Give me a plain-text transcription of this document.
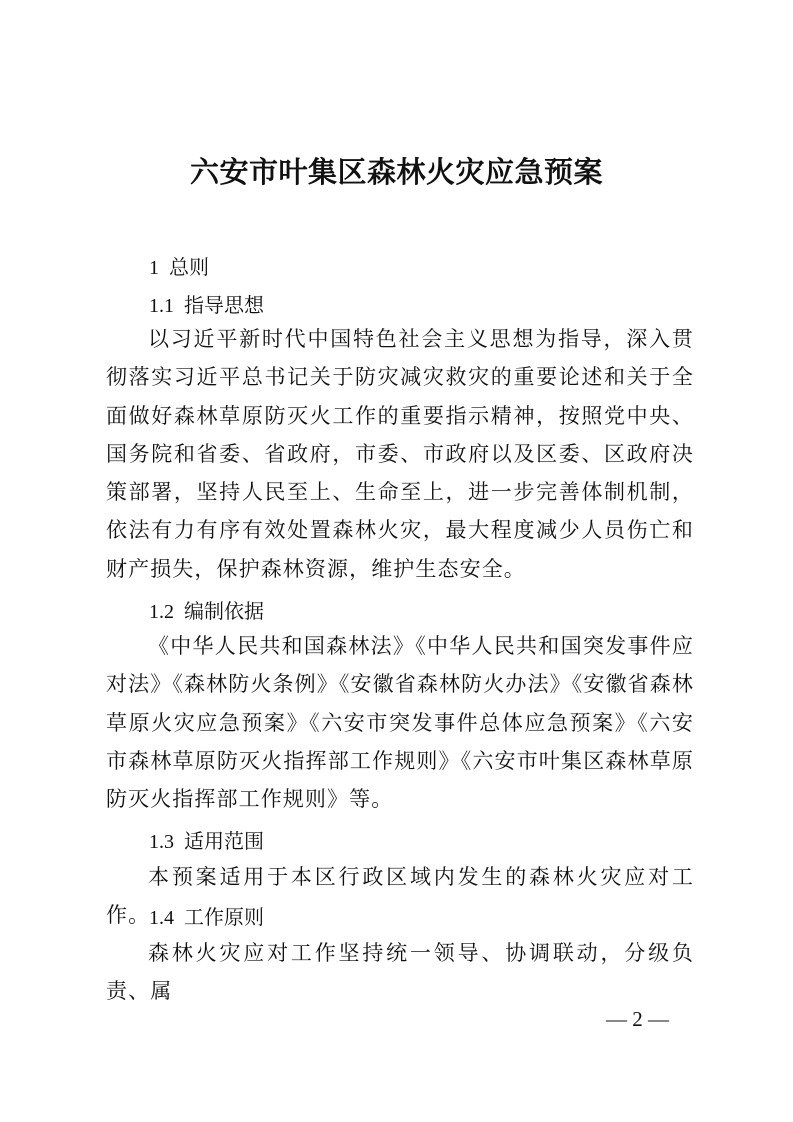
六安市叶集区森林火灾应急预案
1 总则
1.1 指导思想
以习近平新时代中国特色社会主义思想为指导，深入贯彻落实习近平总书记关于防灾减灾救灾的重要论述和关于全面做好森林草原防灭火工作的重要指示精神，按照党中央、国务院和省委、省政府，市委、市政府以及区委、区政府决策部署，坚持人民至上、生命至上，进一步完善体制机制，依法有力有序有效处置森林火灾，最大程度减少人员伤亡和财产损失，保护森林资源，维护生态安全。
1.2 编制依据
《中华人民共和国森林法》《中华人民共和国突发事件应对法》《森林防火条例》《安徽省森林防火办法》《安徽省森林草原火灾应急预案》《六安市突发事件总体应急预案》《六安市森林草原防灭火指挥部工作规则》《六安市叶集区森林草原防灭火指挥部工作规则》等。
1.3 适用范围
本预案适用于本区行政区域内发生的森林火灾应对工作。
1.4 工作原则
森林火灾应对工作坚持统一领导、协调联动，分级负责、属
— 2 —
